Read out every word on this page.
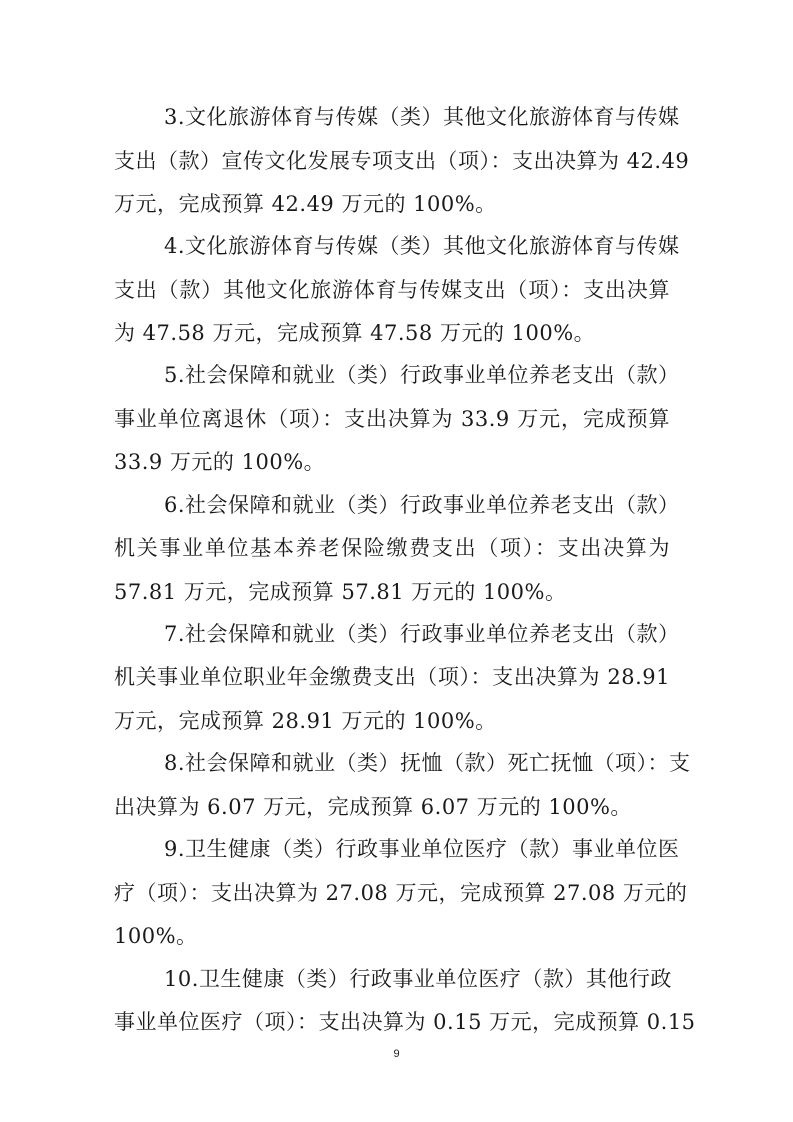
3.文化旅游体育与传媒（类）其他文化旅游体育与传媒
支出（款）宣传文化发展专项支出（项）：支出决算为 42.49
万元，完成预算 42.49 万元的 100%。
4.文化旅游体育与传媒（类）其他文化旅游体育与传媒
支出（款）其他文化旅游体育与传媒支出（项）：支出决算
为 47.58 万元，完成预算 47.58 万元的 100%。
5.社会保障和就业（类）行政事业单位养老支出（款）
事业单位离退休（项）：支出决算为 33.9 万元，完成预算
33.9 万元的 100%。
6.社会保障和就业（类）行政事业单位养老支出（款）
机关事业单位基本养老保险缴费支出（项）：支出决算为
57.81 万元，完成预算 57.81 万元的 100%。
7.社会保障和就业（类）行政事业单位养老支出（款）
机关事业单位职业年金缴费支出（项）：支出决算为 28.91
万元，完成预算 28.91 万元的 100%。
8.社会保障和就业（类）抚恤（款）死亡抚恤（项）：支
出决算为 6.07 万元，完成预算 6.07 万元的 100%。
9.卫生健康（类）行政事业单位医疗（款）事业单位医
疗（项）：支出决算为 27.08 万元，完成预算 27.08 万元的
100%。
10.卫生健康（类）行政事业单位医疗（款）其他行政
事业单位医疗（项）：支出决算为 0.15 万元，完成预算 0.15
9
